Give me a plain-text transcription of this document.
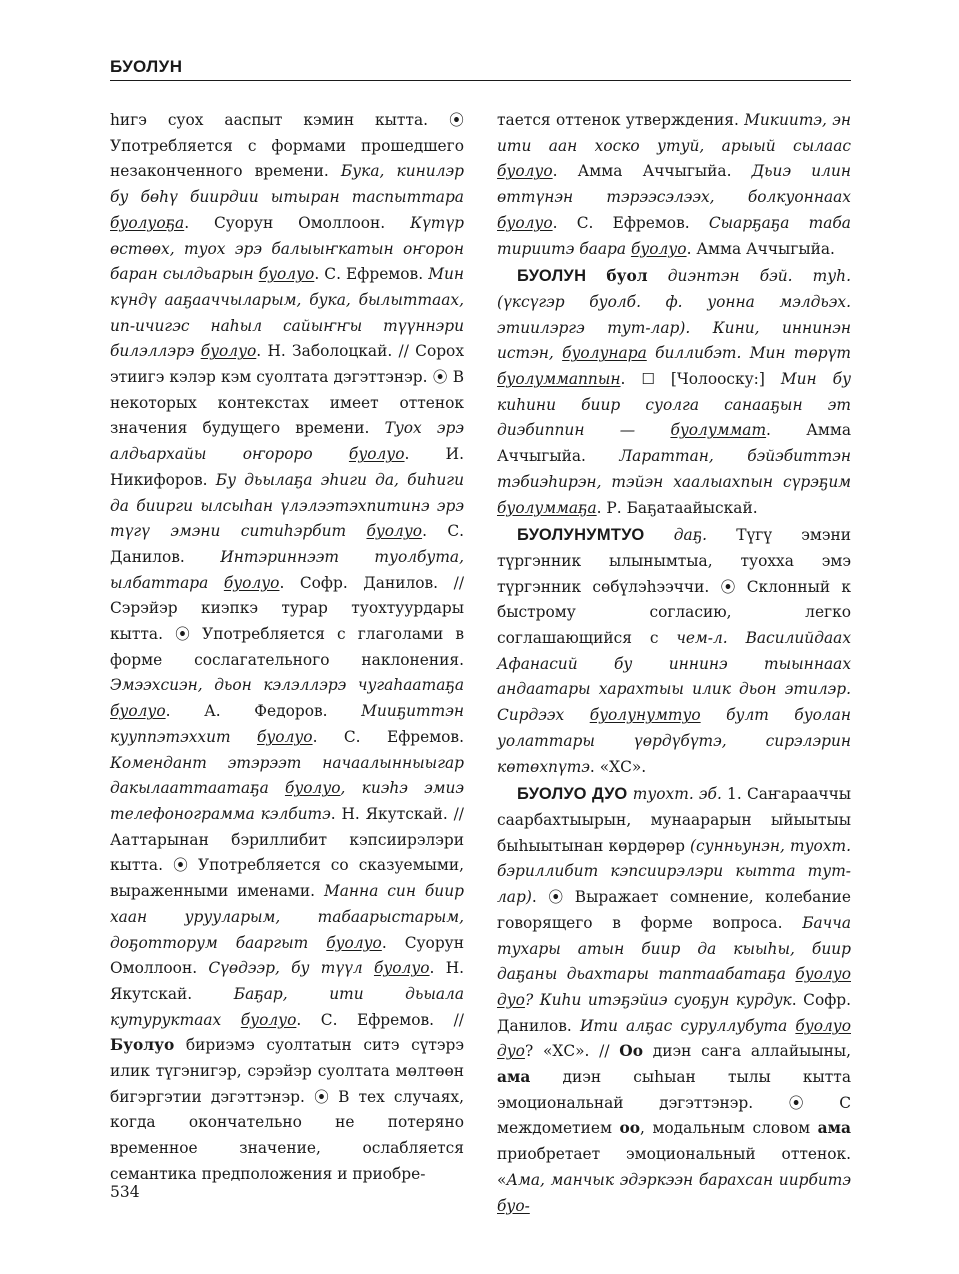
БУОЛУН

һигэ суох ааспыт кэмин кытта. ⦿ Употребляется с формами прошедшего незаконченного времени. Бука, кинилэр бу бөһү биирдии ытыран таспыттара буолуоҕа. Суорун Омоллоон. Күтүр өстөөх, туох эрэ балыыҥкатын оҥорон баран сылдьарын буолуо. С. Ефремов. Мин күндү ааҕааччыларым, бука, былыттаах, ип-ичигэс наһыл сайыҥҥы түүннэри билэллэрэ буолуо. Н. Заболоцкай. // Сорох этиигэ кэлэр кэм суолтата дэгэттэнэр. ⦿ В некоторых контекстах имеет оттенок значения будущего времени. Туох эрэ алдьархайы оҥорорo буолуо. И. Никифоров. Бу дьылаҕа эһиги да, биһиги да биирги ылсыһан үлэлээтэхпитинэ эрэ түгү эмэни ситиһэрбит буолуо. С. Данилов. Интэриннээт туолбута, ылбаттара буолуо. Софр. Данилов. // Сэрэйэр киэпкэ турар туохтуурдары кытта. ⦿ Употребляется с глаголами в форме сослагательного наклонения. Эмээхсиэн, дьон кэлэллэрэ чугаһаатаҕа буолуо. А. Федоров. Мииҕиттэн кууппэтэххит буолуо. С. Ефремов. Комендант этэрээт начаалынныыгар дакылааттаатаҕа буолуо, киэһэ эмиэ телефонограмма кэлбитэ. Н. Якутскай. // Ааттарынан бэриллибит кэпсиирэлэри кытта. ⦿ Употребляется со сказуемыми, выраженными именами. Манна син биир хаан урууларым, табаарыстарым, доҕотторум бааргыт буолуо. Суорун Омоллоон. Сүөдээр, бу түүл буолуо. Н. Якутскай. Баҕар, ити дьыала кутуруктаах буолуо. С. Ефремов. // Буолуо бириэмэ суолтатын ситэ сүтэрэ илик түгэнигэр, сэрэйэр суолтата мөлтөөн бигэргэтии дэгэттэнэр. ⦿ В тех случаях, когда окончательно не потеряно временное значение, ослабляется семантика предположения и приобре-

тается оттенок утверждения. Микиитэ, эн ити аан хоско утуй, арыый сылаас буолуо. Амма Аччыгыйа. Дьиэ илин өттүнэн тэрээсэлээх, болкуоннаах буолуо. С. Ефремов. Сыарҕаҕа таба тириитэ баара буолуо. Амма Аччыгыйа.

БУОЛУН буол диэнтэн бэй. туһ. (үксүгэр буолб. ф. уонна мэлдьэх. этиилэргэ тут-лар). Кини, иннинэн истэн, буолунара биллибэт. Мин төрүт буолуммаппын. ☐ [Чолооску:] Мин бу киһини биир суолга санааҕын эт диэбиппин — буолуммат. Амма Аччыгыйа. Лараттан, бэйэбиттэн тэбиэһирэн, тэйэн хаалыахпын сүрэҕим буолуммаҕа. Р. Баҕатаайыскай.

БУОЛУНУМТУО даҕ. Түгү эмэни түргэнник ылынымтыа, туохха эмэ түргэнник сөбүлэһээччи. ⦿ Склонный к быстрому согласию, легко соглашающийся с чем-л. Василийдаах Афанасий бу иннинэ тыыннаах андаатары харахтыы илик дьон этилэр. Сирдээх буолунумтуо булт буолан уолаттары үөрдүбүтэ, сирэлэрин көтөхпүтэ. «ХС».

БУОЛУО ДУО туохт. эб. 1. Саҥарааччы саарбахтыырын, мунаарарын ыйыытыы быһыытынан көрдөрөр (сунньунэн, туохт. бэриллибит кэпсиирэлэри кытта тут-лар). ⦿ Выражает сомнение, колебание говорящего в форме вопроса. Баччa тухары атын биир да кыыһы, биир даҕаны дьахтары таптаабатаҕа буолуо дуо? Киһи итэҕэйиэ суоҕун курдук. Софр. Данилов. Ити алҕас суруллубута буолуо дуо? «ХС». // Оо диэн саҥа аллайыыны, ама диэн сыһыан тылы кытта эмоциональнай дэгэттэнэр. ⦿ С междометием оо, модальным словом ама приобретает эмоциональный оттенок. «Ама, манчык эдэркээн барахсан иирбитэ буо-

534
